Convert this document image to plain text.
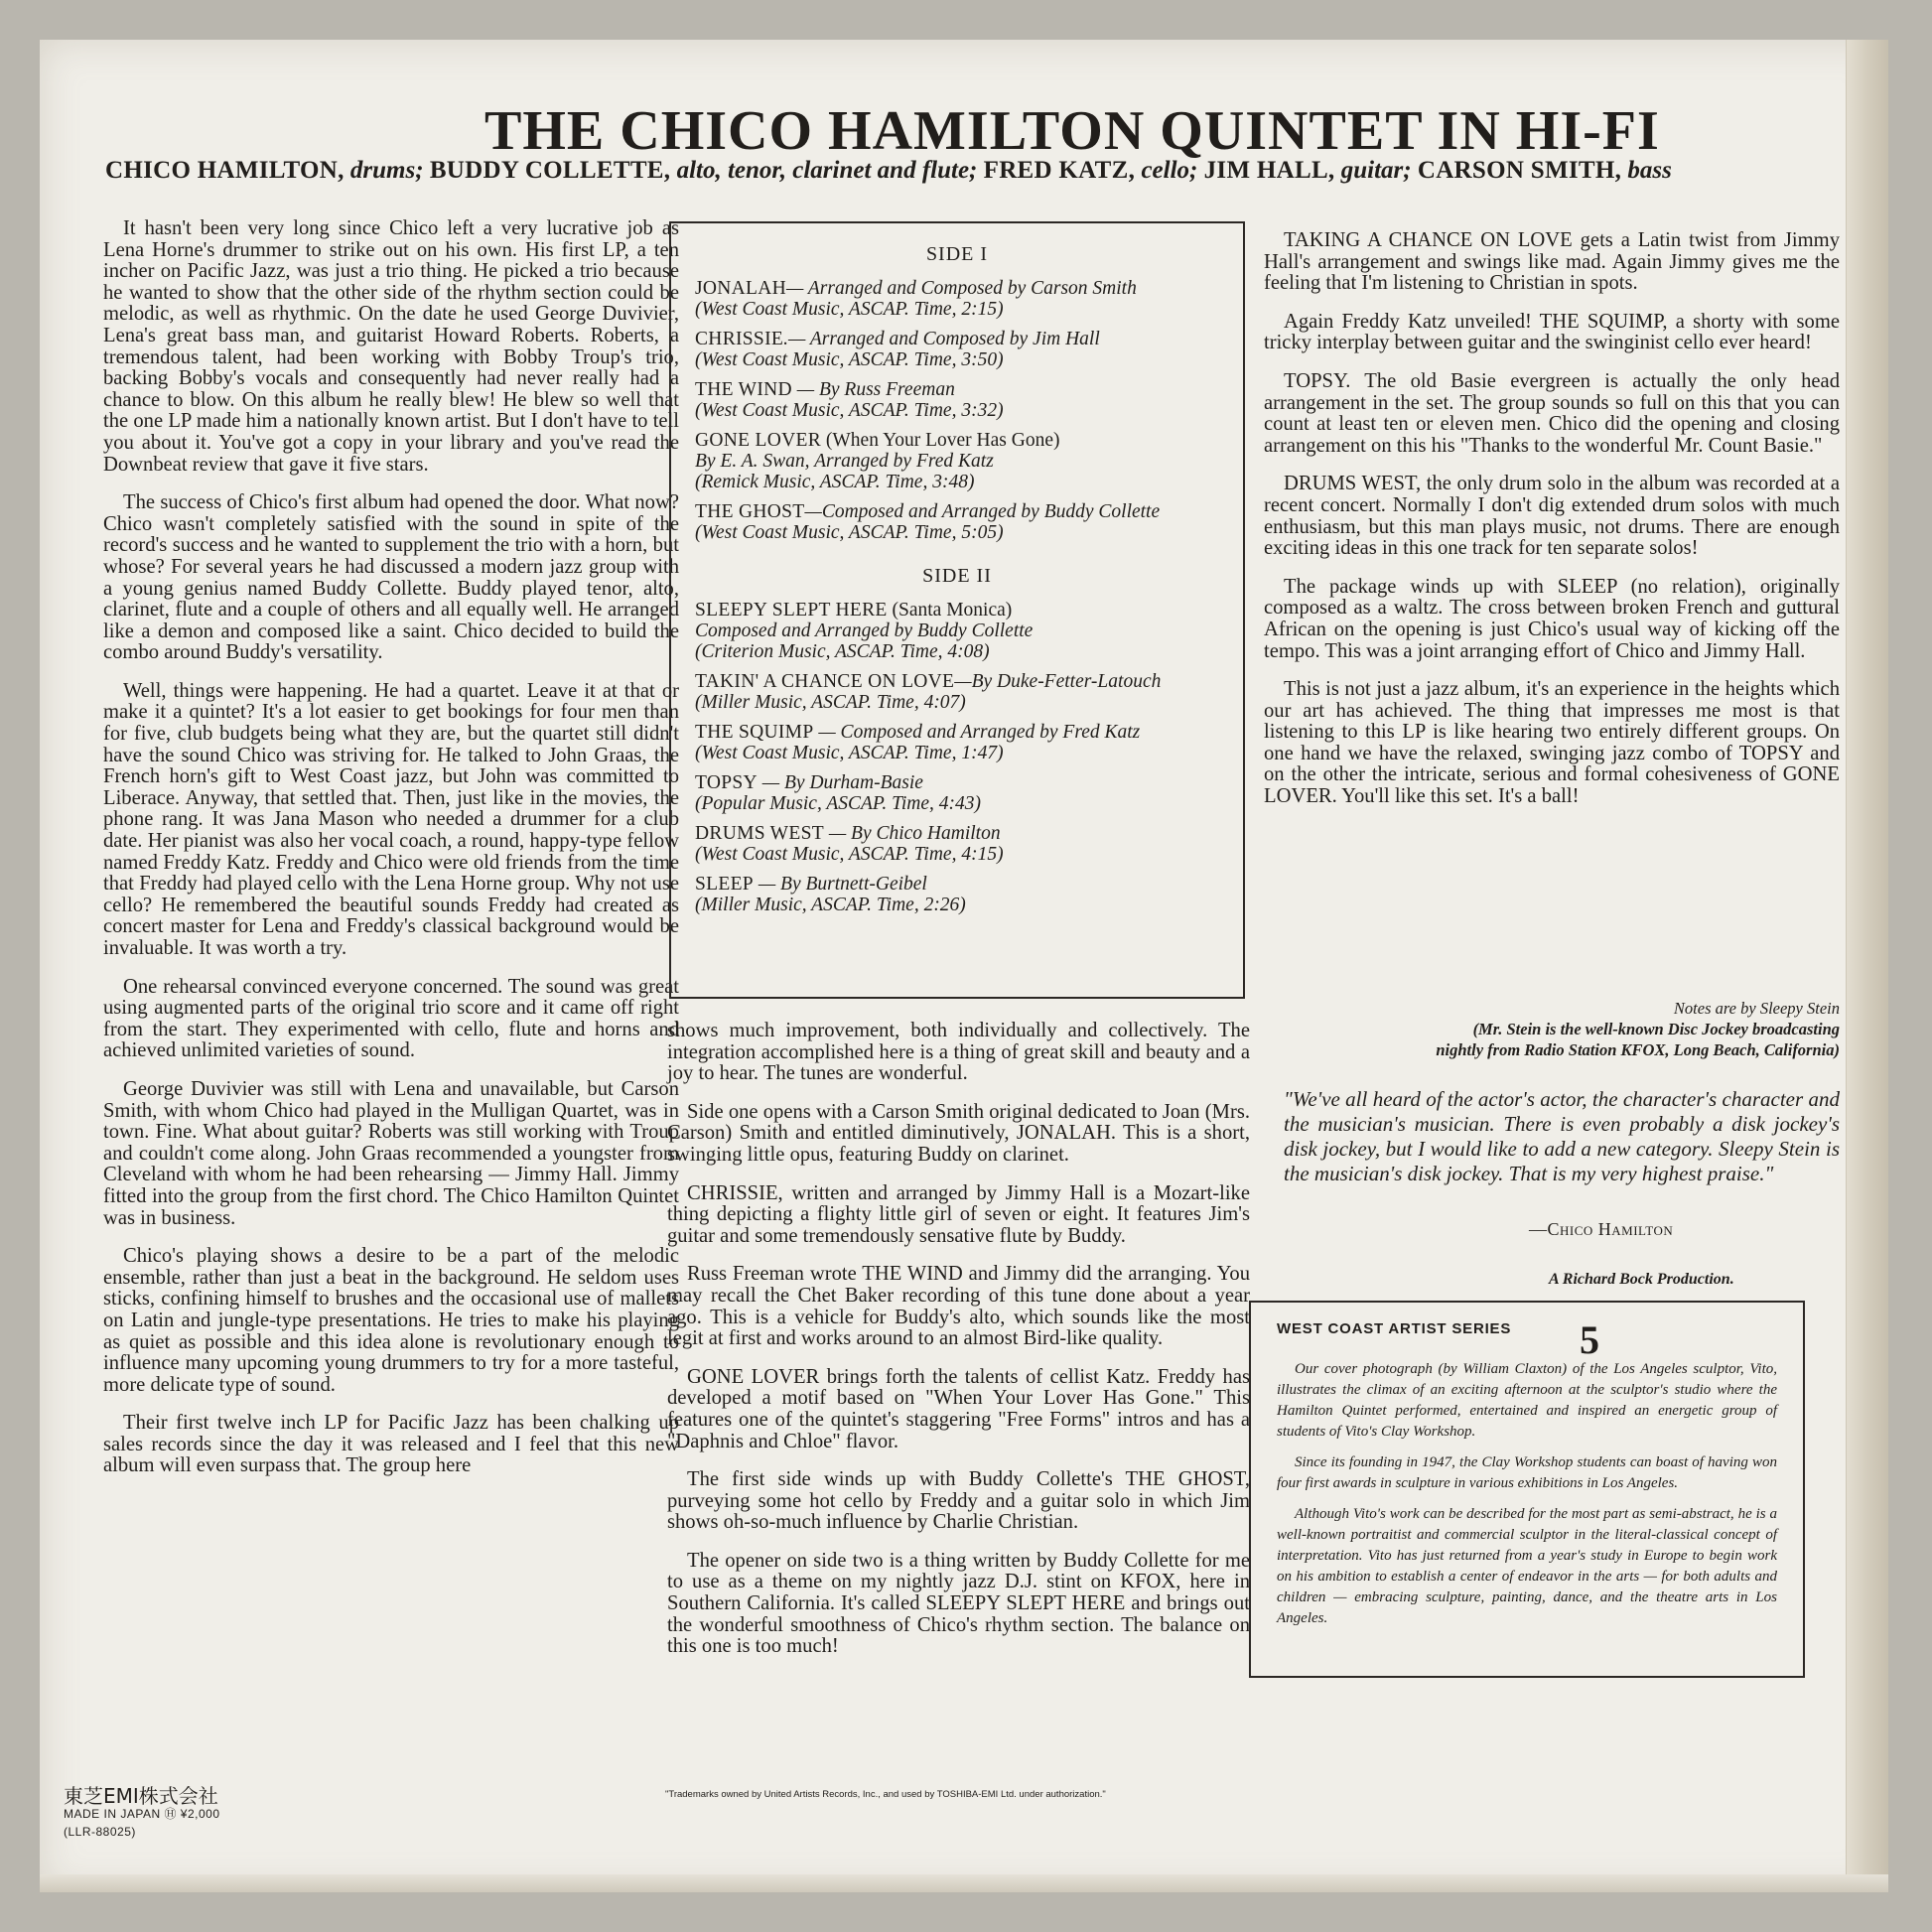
THE CHICO HAMILTON QUINTET IN HI-FI
CHICO HAMILTON, drums; BUDDY COLLETTE, alto, tenor, clarinet and flute; FRED KATZ, cello; JIM HALL, guitar; CARSON SMITH, bass

It hasn't been very long since Chico left a very lucrative job as Lena Horne's drummer to strike out on his own. His first LP, a ten incher on Pacific Jazz, was just a trio thing. He picked a trio because he wanted to show that the other side of the rhythm section could be melodic, as well as rhythmic. On the date he used George Duvivier, Lena's great bass man, and guitarist Howard Roberts. Roberts, a tremendous talent, had been working with Bobby Troup's trio, backing Bobby's vocals and consequently had never really had a chance to blow. On this album he really blew! He blew so well that the one LP made him a nationally known artist. But I don't have to tell you about it. You've got a copy in your library and you've read the Downbeat review that gave it five stars.

The success of Chico's first album had opened the door. What now? Chico wasn't completely satisfied with the sound in spite of the record's success and he wanted to supplement the trio with a horn, but whose? For several years he had discussed a modern jazz group with a young genius named Buddy Collette. Buddy played tenor, alto, clarinet, flute and a couple of others and all equally well. He arranged like a demon and composed like a saint. Chico decided to build the combo around Buddy's versatility.

Well, things were happening. He had a quartet. Leave it at that or make it a quintet? It's a lot easier to get bookings for four men than for five, club budgets being what they are, but the quartet still didn't have the sound Chico was striving for. He talked to John Graas, the French horn's gift to West Coast jazz, but John was committed to Liberace. Anyway, that settled that. Then, just like in the movies, the phone rang. It was Jana Mason who needed a drummer for a club date. Her pianist was also her vocal coach, a round, happy-type fellow named Freddy Katz. Freddy and Chico were old friends from the time that Freddy had played cello with the Lena Horne group. Why not use cello? He remembered the beautiful sounds Freddy had created as concert master for Lena and Freddy's classical background would be invaluable. It was worth a try.

One rehearsal convinced everyone concerned. The sound was great using augmented parts of the original trio score and it came off right from the start. They experimented with cello, flute and horns and achieved unlimited varieties of sound.

George Duvivier was still with Lena and unavailable, but Carson Smith, with whom Chico had played in the Mulligan Quartet, was in town. Fine. What about guitar? Roberts was still working with Troup and couldn't come along. John Graas recommended a youngster from Cleveland with whom he had been rehearsing — Jimmy Hall. Jimmy fitted into the group from the first chord. The Chico Hamilton Quintet was in business.

Chico's playing shows a desire to be a part of the melodic ensemble, rather than just a beat in the background. He seldom uses sticks, confining himself to brushes and the occasional use of mallets on Latin and jungle-type presentations. He tries to make his playing as quiet as possible and this idea alone is revolutionary enough to influence many upcoming young drummers to try for a more tasteful, more delicate type of sound.

Their first twelve inch LP for Pacific Jazz has been chalking up sales records since the day it was released and I feel that this new album will even surpass that. The group here

SIDE I
JONALAH— Arranged and Composed by Carson Smith
(West Coast Music, ASCAP. Time, 2:15)
CHRISSIE.— Arranged and Composed by Jim Hall
(West Coast Music, ASCAP. Time, 3:50)
THE WIND — By Russ Freeman
(West Coast Music, ASCAP. Time, 3:32)
GONE LOVER (When Your Lover Has Gone)
By E. A. Swan, Arranged by Fred Katz
(Remick Music, ASCAP. Time, 3:48)
THE GHOST—Composed and Arranged by Buddy Collette
(West Coast Music, ASCAP. Time, 5:05)
SIDE II
SLEEPY SLEPT HERE (Santa Monica)
Composed and Arranged by Buddy Collette
(Criterion Music, ASCAP. Time, 4:08)
TAKIN' A CHANCE ON LOVE—By Duke-Fetter-Latouch
(Miller Music, ASCAP. Time, 4:07)
THE SQUIMP — Composed and Arranged by Fred Katz
(West Coast Music, ASCAP. Time, 1:47)
TOPSY — By Durham-Basie
(Popular Music, ASCAP. Time, 4:43)
DRUMS WEST — By Chico Hamilton
(West Coast Music, ASCAP. Time, 4:15)
SLEEP — By Burtnett-Geibel
(Miller Music, ASCAP. Time, 2:26)

shows much improvement, both individually and collectively. The integration accomplished here is a thing of great skill and beauty and a joy to hear. The tunes are wonderful.

Side one opens with a Carson Smith original dedicated to Joan (Mrs. Carson) Smith and entitled diminutively, JONALAH. This is a short, swinging little opus, featuring Buddy on clarinet.

CHRISSIE, written and arranged by Jimmy Hall is a Mozart-like thing depicting a flighty little girl of seven or eight. It features Jim's guitar and some tremendously sensative flute by Buddy.

Russ Freeman wrote THE WIND and Jimmy did the arranging. You may recall the Chet Baker recording of this tune done about a year ago. This is a vehicle for Buddy's alto, which sounds like the most legit at first and works around to an almost Bird-like quality.

GONE LOVER brings forth the talents of cellist Katz. Freddy has developed a motif based on "When Your Lover Has Gone." This features one of the quintet's staggering "Free Forms" intros and has a "Daphnis and Chloe" flavor.

The first side winds up with Buddy Collette's THE GHOST, purveying some hot cello by Freddy and a guitar solo in which Jim shows oh-so-much influence by Charlie Christian.

The opener on side two is a thing written by Buddy Collette for me to use as a theme on my nightly jazz D.J. stint on KFOX, here in Southern California. It's called SLEEPY SLEPT HERE and brings out the wonderful smoothness of Chico's rhythm section. The balance on this one is too much!

TAKING A CHANCE ON LOVE gets a Latin twist from Jimmy Hall's arrangement and swings like mad. Again Jimmy gives me the feeling that I'm listening to Christian in spots.

Again Freddy Katz unveiled! THE SQUIMP, a shorty with some tricky interplay between guitar and the swinginist cello ever heard!

TOPSY. The old Basie evergreen is actually the only head arrangement in the set. The group sounds so full on this that you can count at least ten or eleven men. Chico did the opening and closing arrangement on this his "Thanks to the wonderful Mr. Count Basie."

DRUMS WEST, the only drum solo in the album was recorded at a recent concert. Normally I don't dig extended drum solos with much enthusiasm, but this man plays music, not drums. There are enough exciting ideas in this one track for ten separate solos!

The package winds up with SLEEP (no relation), originally composed as a waltz. The cross between broken French and guttural African on the opening is just Chico's usual way of kicking off the tempo. This was a joint arranging effort of Chico and Jimmy Hall.

This is not just a jazz album, it's an experience in the heights which our art has achieved. The thing that impresses me most is that listening to this LP is like hearing two entirely different groups. On one hand we have the relaxed, swinging jazz combo of TOPSY and on the other the intricate, serious and formal cohesiveness of GONE LOVER. You'll like this set. It's a ball!

Notes are by Sleepy Stein
(Mr. Stein is the well-known Disc Jockey broadcasting
nightly from Radio Station KFOX, Long Beach, California)
"We've all heard of the actor's actor, the character's character and the musician's musician. There is even probably a disk jockey's disk jockey, but I would like to add a new category. Sleepy Stein is the musician's disk jockey. That is my very highest praise."
—Chico Hamilton
A Richard Bock Production.
WEST COAST ARTIST SERIES	5

Our cover photograph (by William Claxton) of the Los Angeles sculptor, Vito, illustrates the climax of an exciting afternoon at the sculptor's studio where the Hamilton Quintet performed, entertained and inspired an energetic group of students of Vito's Clay Workshop.

Since its founding in 1947, the Clay Workshop students can boast of having won four first awards in sculpture in various exhibitions in Los Angeles.

Although Vito's work can be described for the most part as semi-abstract, he is a well-known portraitist and commercial sculptor in the literal-classical concept of interpretation. Vito has just returned from a year's study in Europe to begin work on his ambition to establish a center of endeavor in the arts — for both adults and children — embracing sculpture, painting, dance, and the theatre arts in Los Angeles.

東芝EMI株式会社
MADE IN JAPAN Ⓗ ¥2,000
(LLR-88025)
"Trademarks owned by United Artists Records, Inc., and used by TOSHIBA-EMI Ltd. under authorization."
